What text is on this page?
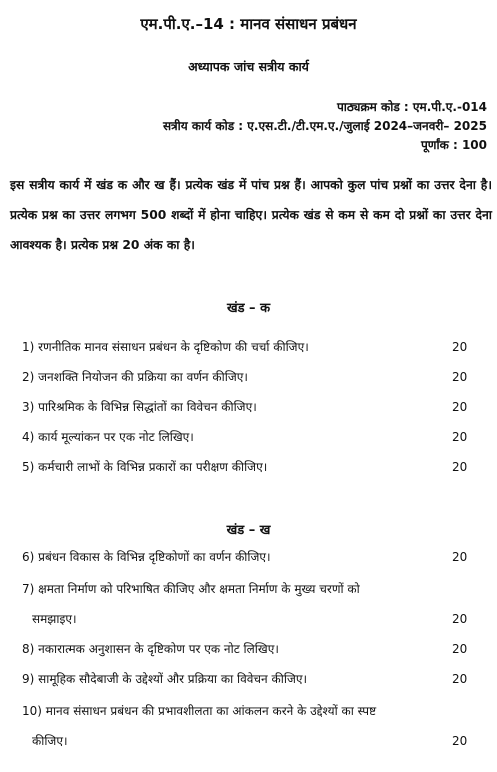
एम.पी.ए.–14 : मानव संसाधन प्रबंधन
अध्यापक जांच सत्रीय कार्य
पाठ्यक्रम कोड : एम.पी.ए.-014
सत्रीय कार्य कोड : ए.एस.टी./टी.एम.ए./जुलाई 2024–जनवरी– 2025
पूर्णांक : 100
इस सत्रीय कार्य में खंड क और ख हैं। प्रत्येक खंड में पांच प्रश्न हैं। आपको कुल पांच प्रश्नों का उत्तर देना है। प्रत्येक प्रश्न का उत्तर लगभग 500 शब्दों में होना चाहिए। प्रत्येक खंड से कम से कम दो प्रश्नों का उत्तर देना आवश्यक है। प्रत्येक प्रश्न 20 अंक का है।
खंड – क
1) रणनीतिक मानव संसाधन प्रबंधन के दृष्टिकोण की चर्चा कीजिए।	20
2) जनशक्ति नियोजन की प्रक्रिया का वर्णन कीजिए।	20
3) पारिश्रमिक के विभिन्न सिद्धांतों का विवेचन कीजिए।	20
4) कार्य मूल्यांकन पर एक नोट लिखिए।	20
5) कर्मचारी लाभों के विभिन्न प्रकारों का परीक्षण कीजिए।	20
खंड – ख
6) प्रबंधन विकास के विभिन्न दृष्टिकोणों का वर्णन कीजिए।	20
7) क्षमता निर्माण को परिभाषित कीजिए और क्षमता निर्माण के मुख्य चरणों को
समझाइए।	20
8) नकारात्मक अनुशासन के दृष्टिकोण पर एक नोट लिखिए।	20
9) सामूहिक सौदेबाजी के उद्देश्यों और प्रक्रिया का विवेचन कीजिए।	20
10) मानव संसाधन प्रबंधन की प्रभावशीलता का आंकलन करने के उद्देश्यों का स्पष्ट
कीजिए।	20
